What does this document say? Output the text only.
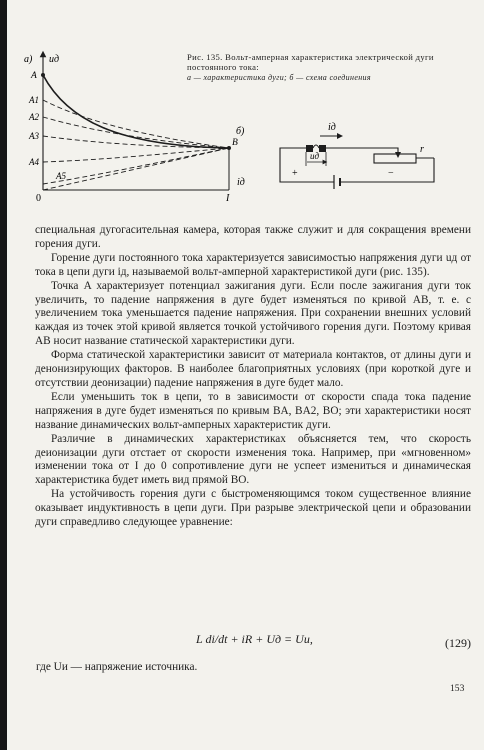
а) uд
iд
0	I
A
A1
A2
A3
A4
A5
B
Рис. 135. Вольт-амперная характеристика электрической дуги постоянного тока:
а — характеристика дуги; б — схема соединения
б)	iд
uд
r
+	−

специальная дугогасительная камера, которая также служит и для сокращения времени горения дуги.

Горение дуги постоянного тока характеризуется зависимостью напряжения дуги uд от тока в цепи дуги iд, называемой вольт-амперной характеристикой дуги (рис. 135).

Точка A характеризует потенциал зажигания дуги. Если после зажигания дуги ток увеличить, то падение напряжения в дуге будет изменяться по кривой AB, т. е. с увеличением тока уменьшается падение напряжения. При сохранении внешних условий каждая из точек этой кривой является точкой устойчивого горения дуги. Поэтому кривая AB носит название статической характеристики дуги.

Форма статической характеристики зависит от материала контактов, от длины дуги и денонизирующих факторов. В наиболее благоприятных условиях (при короткой дуге и отсутствии деонизации) падение напряжения в дуге будет мало.

Если уменьшить ток в цепи, то в зависимости от скорости спада тока падение напряжения в дуге будет изменяться по кривым BA, BA2, BO; эти характеристики носят название динамических вольт-амперных характеристик дуги.

Различие в динамических характеристиках объясняется тем, что скорость деионизации дуги отстает от скорости изменения тока. Например, при «мгновенном» изменении тока от I до 0 сопротивление дуги не успеет измениться и динамическая характеристика будет иметь вид прямой BO.

На устойчивость горения дуги с быстроменяющимся током существенное влияние оказывает индуктивность в цепи дуги. При разрыве электрической цепи и образовании дуги справедливо следующее уравнение:

L di/dt + iR + Uд = Uи,	(129)
где Uи — напряжение источника.
153
